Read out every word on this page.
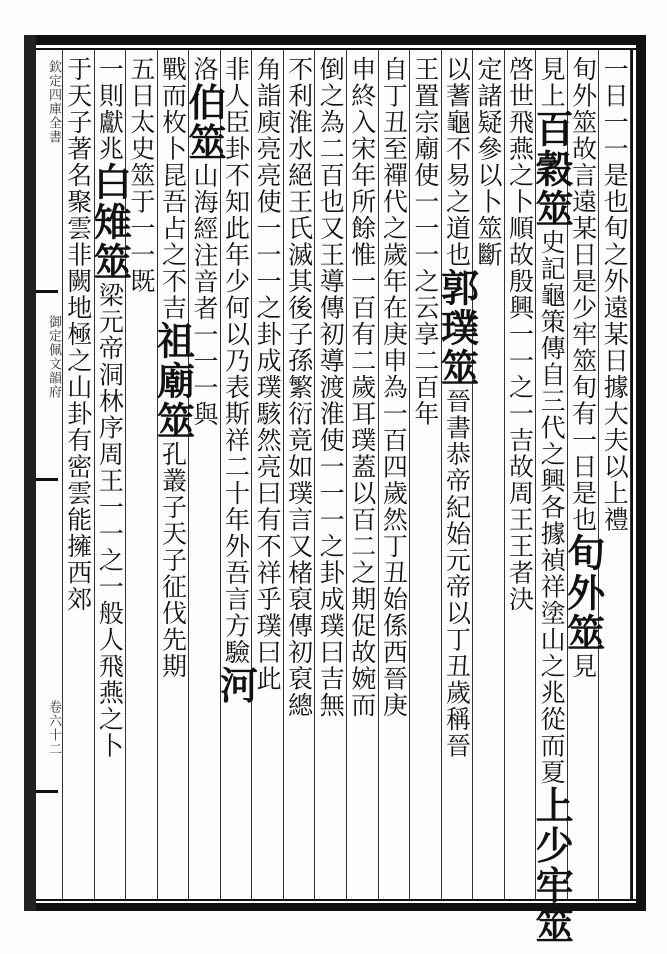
欽定四庫全書
御定佩文韻府
卷六十二
一日一一是也旬之外遠某日據大夫以上禮
旬外筮故言遠某日是少牢筮旬有一日是也旬外筮見
見上百穀筮史記龜策傳自三代之興各據禎祥塗山之兆從而夏上少牢筮
啓世飛燕之卜順故殷興一一之一吉故周王王者決
定諸疑參以卜筮斷
以蓍龜不易之道也郭璞筮晉書恭帝紀始元帝以丁丑歲稱晉
王置宗廟使一一一之云享二百年
自丁丑至禪代之歲年在庚申為一百四歲然丁丑始係西晉庚
申終入宋年所餘惟一百有二歲耳璞蓋以百二之期促故婉而
倒之為二百也又王導傳初導渡淮使一一一之卦成璞曰吉無
不利淮水絕王氏滅其後子孫繁衍竟如璞言又楮裒傳初裒總
角詣庾亮亮使一一一之卦成璞駭然亮曰有不祥乎璞曰此
非人臣卦不知此年少何以乃表斯祥二十年外吾言方驗河
洛伯筮山海經注音者一一一與
戰而枚卜昆吾占之不吉祖廟筮孔叢子天子征伐先期
五日太史筮于一一既
一則獻兆白雉筮梁元帝洞林序周王一一之一般人飛燕之卜
于天子著名聚雲非闕地極之山卦有密雲能擁西郊
